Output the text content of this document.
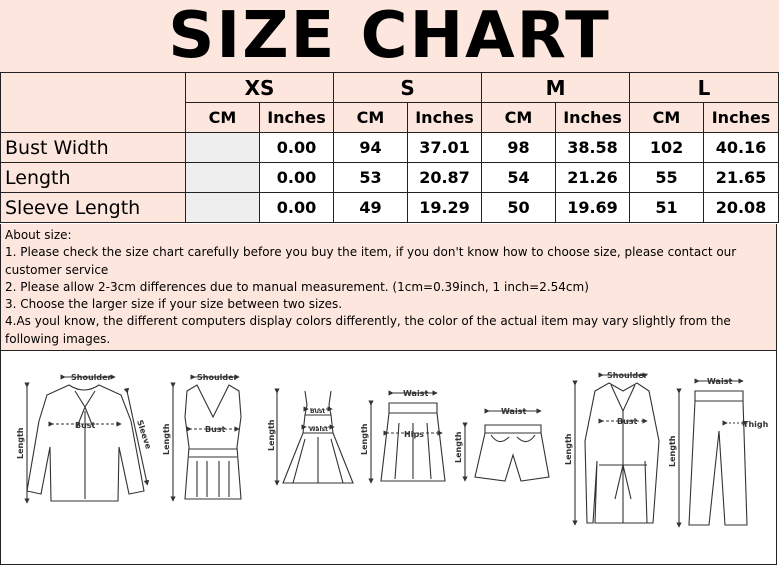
SIZE CHART
	XS		S		M		L	
	CM	Inches	CM	Inches	CM	Inches	CM	Inches
Bust Width		0.00	94	37.01	98	38.58	102	40.16
Length		0.00	53	20.87	54	21.26	55	21.65
Sleeve Length		0.00	49	19.29	50	19.69	51	20.08
About size:
1. Please check the size chart carefully before you buy the item, if you don't know how to choose size, please contact our customer service
2. Please allow 2-3cm differences due to manual measurement. (1cm=0.39inch, 1 inch=2.54cm)
3. Choose the larger size if your size between two sizes.
4.As youl know, the different computers display colors differently, the color of the actual item may vary slightly from the following images.
Shoulder
Bust
Length	Sleeve
Shoulder
Bust
Length
Bust
Waist
Length
Waist
Hips
Length
Waist
Length
Shoulder
Bust
Length
Waist
Thigh
Length
